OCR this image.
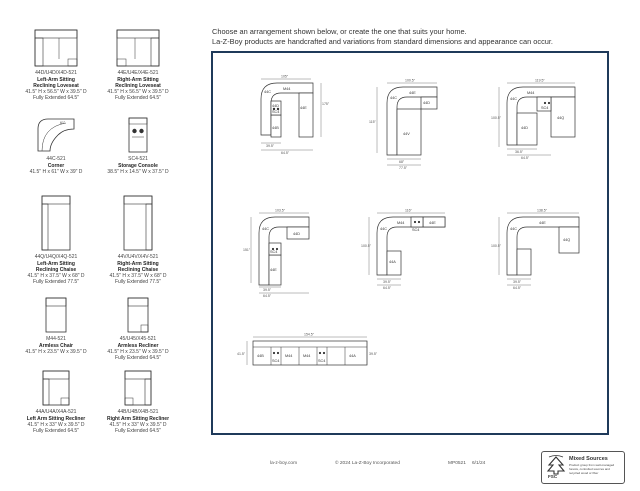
44D/U4D/X4D-521
Left-Arm Sitting
Reclining Loveseat
41.5" H x 56.5" W x 39.5" D
Fully Extended 64.5"
44E/U4E/X4E-521
Right-Arm Sitting
Reclining Loveseat
41.5" H x 56.5" W x 39.5" D
Fully Extended 64.5"
61"
44C-521
Corner
41.5" H x 61" W x 39" D
SC4-521
Storage Console
38.5" H x 14.5" W x 37.5" D
44Q/U4Q/X4Q-521
Left-Arm Sitting
Reclining Chaise
41.5" H x 37.5" W x 68" D
Fully Extended 77.5"
44V/U4V/X4V-521
Right-Arm Sitting
Reclining Chaise
41.5" H x 37.5" W x 68" D
Fully Extended 77.5"
M44-521
Armless Chair
41.5" H x 23.5" W x 39.5" D
45/U45/X45-521
Armless Recliner
41.5" H x 23.5" W x 39.5" D
Fully Extended 64.5"
44A/U4A/X4A-521
Left Arm Sitting Recliner
41.5" H x 33" W x 39.5" D
Fully Extended 64.5"
44B/U4B/X4B-521
Right Arm Sitting Recliner
41.5" H x 33" W x 39.5" D
Fully Extended 64.5"
Choose an arrangement shown below, or create the one that suits your home.
La-Z-Boy products are handcrafted and variations from standard dimensions and appearance can occur.
105"
175"
44C
M44
44E
44D
SC4
44B
39.5"
64.5"
100.5"
115"
44C
44D
44E
44V
68"
77.5"
119.5"
100.5"
44C
M44
SC4
44D
44Q
36.5"
64.5"
103.5"
151"
44C
44D
SC4
44E
39.5"
64.5"
116"
100.5"
44C
M44
SC4
44A
44E
39.5"
64.5"
138.5"
100.5"
44C
44E
44Q
39.5"
64.5"
154.5"
41.5"	44B	M44	M44	44A
SC4	SC4
39.5"
la-z-boy.com	© 2024 La-Z-Boy Incorporated	MP0521 6/1/24
FSC
Mixed Sources
Product group from well-managed
forests, controlled sources and
recycled wood or fiber
